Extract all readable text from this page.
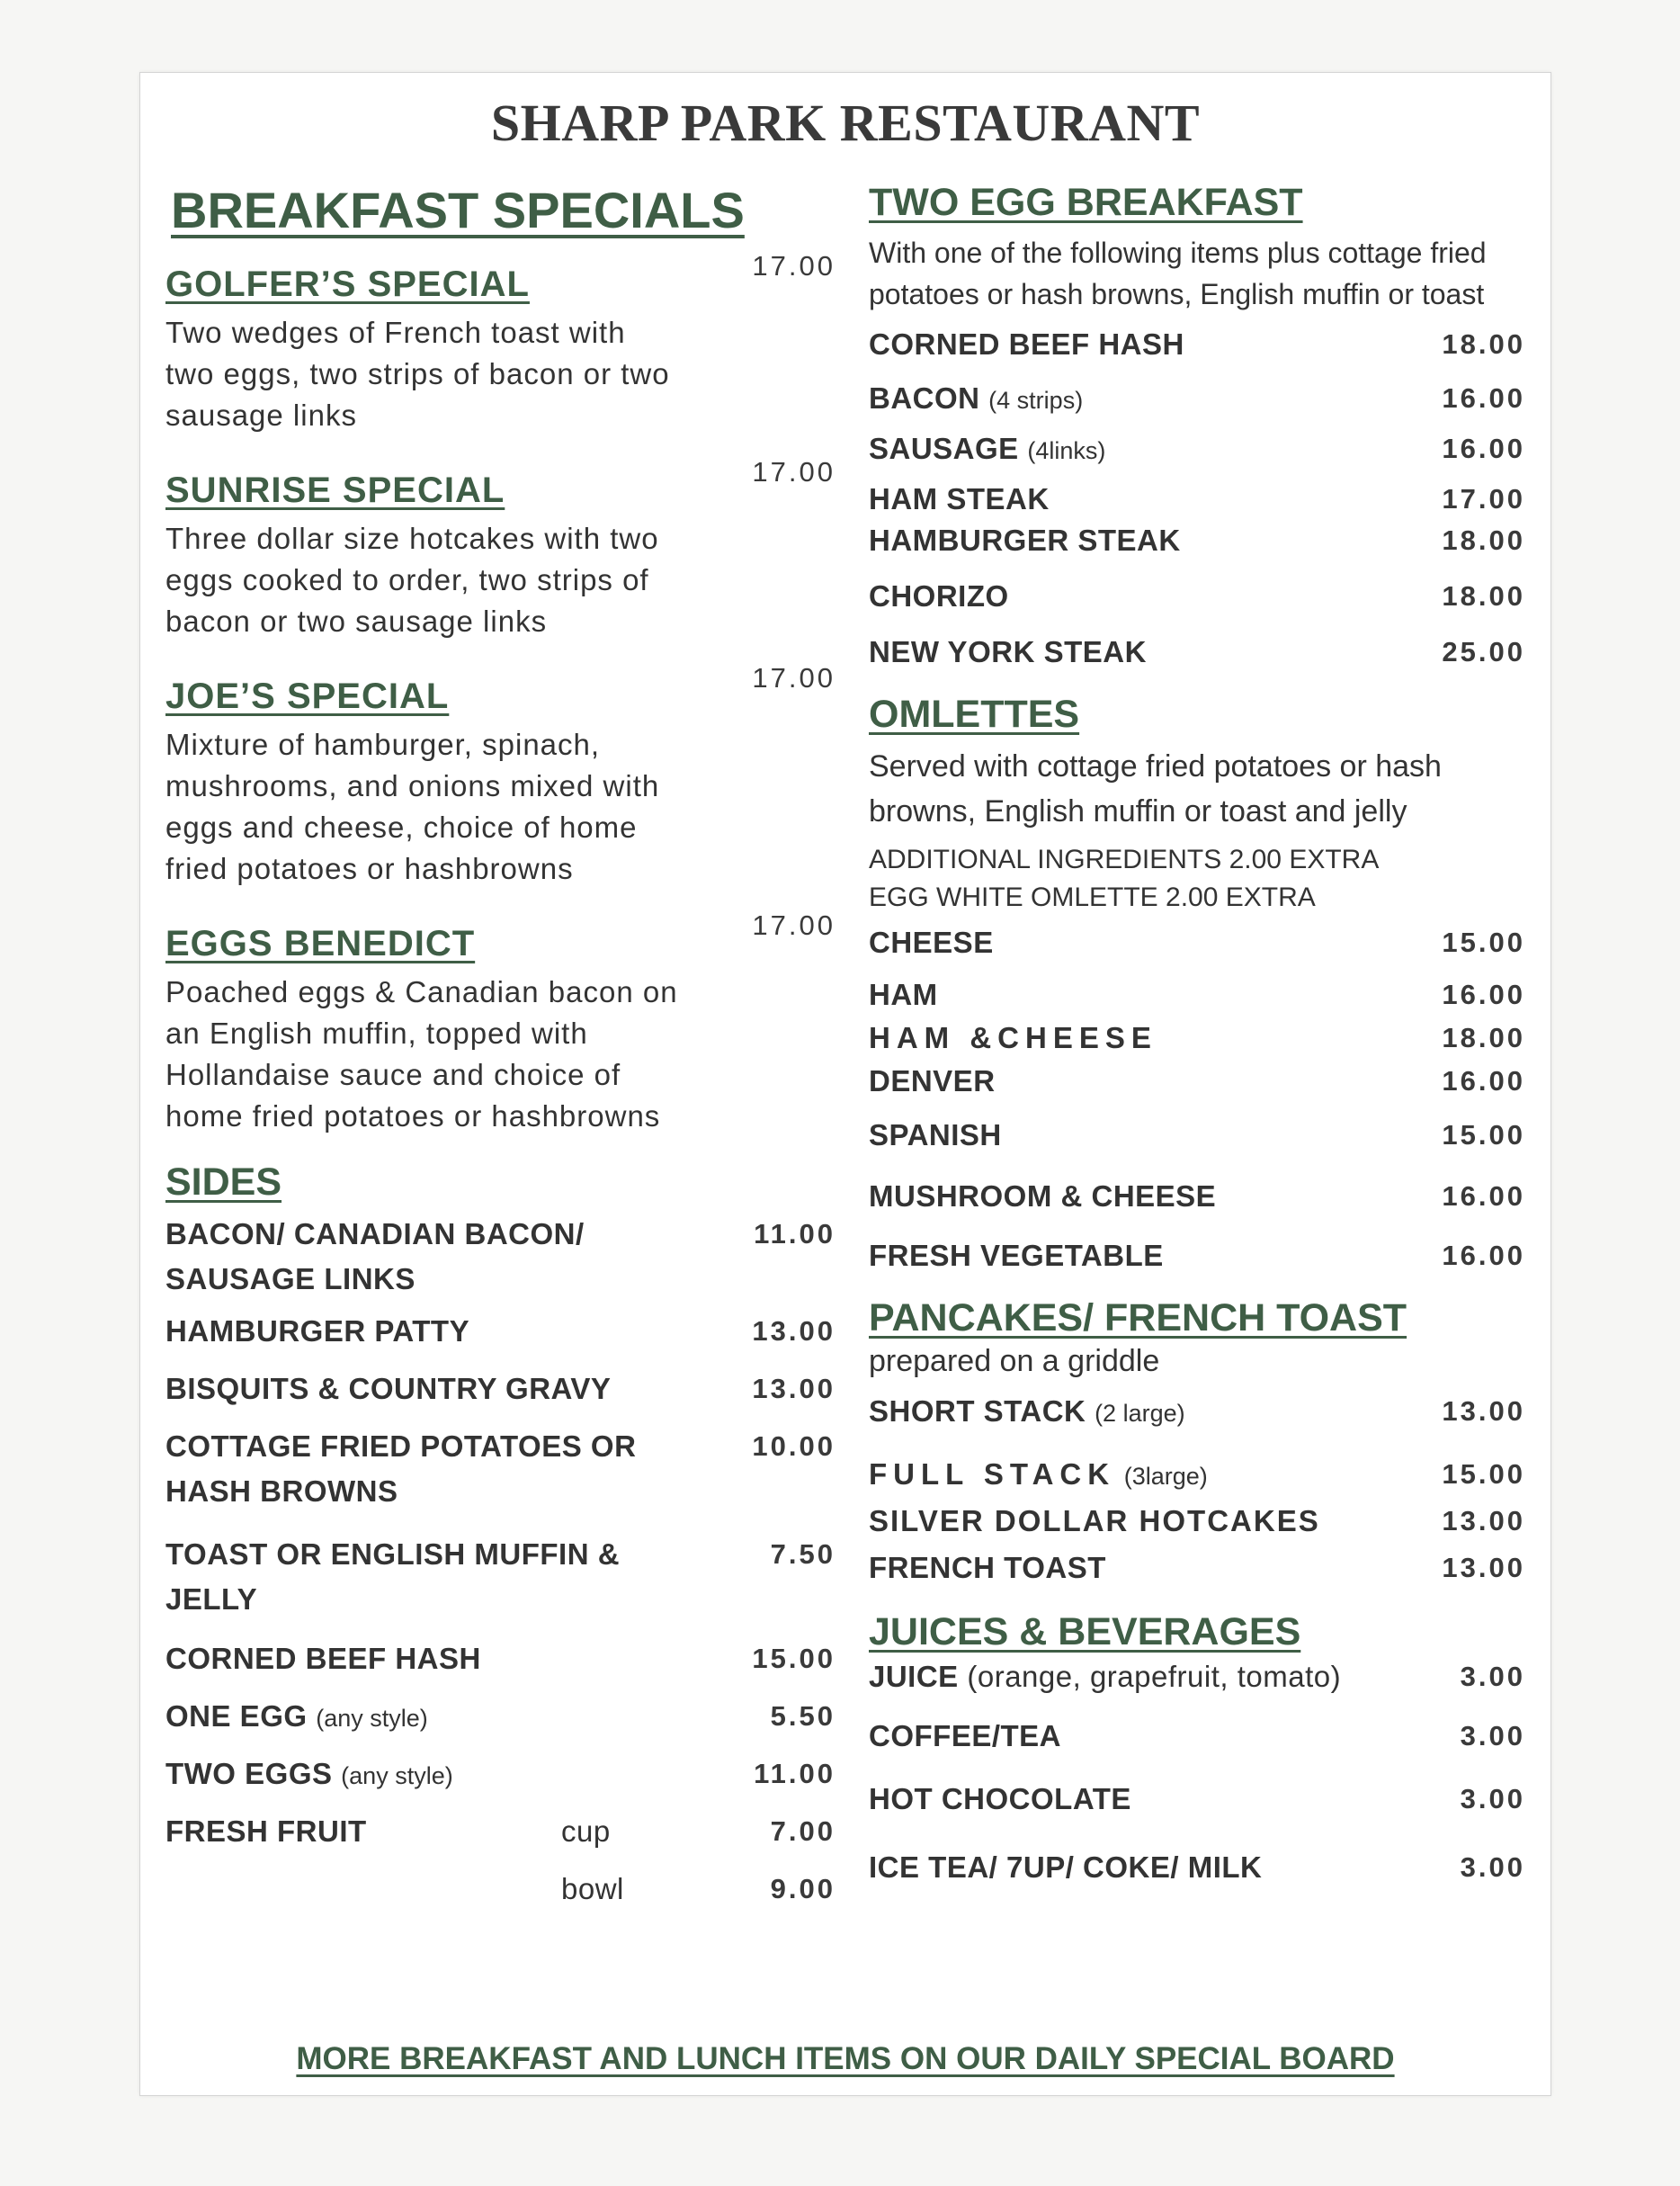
SHARP PARK RESTAURANT
BREAKFAST SPECIALS
GOLFER’S SPECIAL	17.00
Two wedges of French toast with two eggs, two strips of bacon or two sausage links
SUNRISE SPECIAL	17.00
Three dollar size hotcakes with two eggs cooked to order, two strips of bacon or two sausage links
JOE’S SPECIAL	17.00
Mixture of hamburger, spinach, mushrooms, and onions mixed with eggs and cheese, choice of home fried potatoes or hashbrowns
EGGS BENEDICT	17.00
Poached eggs & Canadian bacon on an English muffin, topped with Hollandaise sauce and choice of home fried potatoes or hashbrowns
SIDES
BACON/ CANADIAN BACON/
SAUSAGE LINKS
11.00
HAMBURGER PATTY	13.00
BISQUITS & COUNTRY GRAVY	13.00
COTTAGE FRIED POTATOES OR
HASH BROWNS
10.00
TOAST OR ENGLISH MUFFIN &
JELLY
7.50
CORNED BEEF HASH	15.00
ONE EGG (any style)	5.50
TWO EGGS (any style)	11.00
FRESH FRUIT	cup	7.00

bowl	9.00
TWO EGG BREAKFAST
With one of the following items plus cottage fried potatoes or hash browns, English muffin or toast
CORNED BEEF HASH	18.00
BACON (4 strips)	16.00
SAUSAGE (4links)	16.00
HAM STEAK	17.00
HAMBURGER STEAK	18.00
CHORIZO	18.00
NEW YORK STEAK	25.00
OMLETTES
Served with cottage fried potatoes or hash browns, English muffin or toast and jelly
ADDITIONAL INGREDIENTS 2.00 EXTRA
EGG WHITE OMLETTE 2.00 EXTRA
CHEESE	15.00
HAM	16.00
HAM &CHEESE	18.00
DENVER	16.00
SPANISH	15.00
MUSHROOM & CHEESE	16.00
FRESH VEGETABLE	16.00
PANCAKES/ FRENCH TOAST
prepared on a griddle
SHORT STACK (2 large)	13.00
FULL STACK (3large)	15.00
SILVER DOLLAR HOTCAKES	13.00
FRENCH TOAST	13.00
JUICES & BEVERAGES
JUICE (orange, grapefruit, tomato)	3.00
COFFEE/TEA	3.00
HOT CHOCOLATE	3.00
ICE TEA/ 7UP/ COKE/ MILK	3.00
MORE BREAKFAST AND LUNCH ITEMS ON OUR DAILY SPECIAL BOARD
